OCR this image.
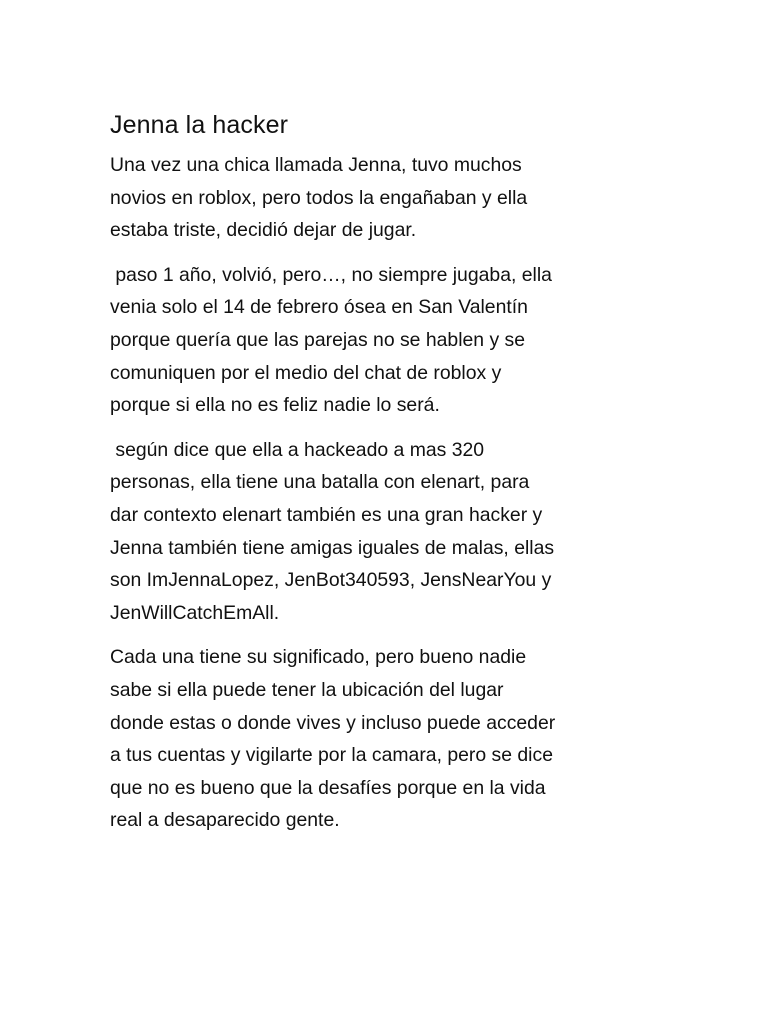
Jenna la hacker

Una vez una chica llamada Jenna, tuvo muchos
novios en roblox, pero todos la engañaban y ella
estaba triste, decidió dejar de jugar.

paso 1 año, volvió, pero…, no siempre jugaba, ella
venia solo el 14 de febrero ósea en San Valentín
porque quería que las parejas no se hablen y se
comuniquen por el medio del chat de roblox y
porque si ella no es feliz nadie lo será.

según dice que ella a hackeado a mas 320
personas, ella tiene una batalla con elenart, para
dar contexto elenart también es una gran hacker y
Jenna también tiene amigas iguales de malas, ellas
son ImJennaLopez, JenBot340593, JensNearYou y
JenWillCatchEmAll.

Cada una tiene su significado, pero bueno nadie
sabe si ella puede tener la ubicación del lugar
donde estas o donde vives y incluso puede acceder
a tus cuentas y vigilarte por la camara, pero se dice
que no es bueno que la desafíes porque en la vida
real a desaparecido gente.
